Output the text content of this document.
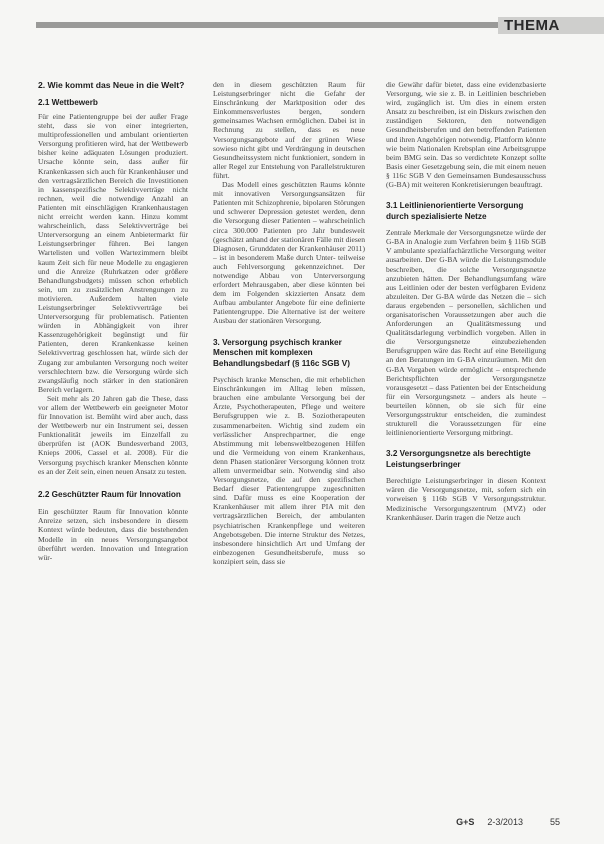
THEMA

2. Wie kommt das Neue in die Welt?

2.1 Wettbewerb

Für eine Patientengruppe bei der außer Frage steht, dass sie von einer integrierten, multiprofessionellen und ambulant orientierten Versorgung profitieren wird, hat der Wettbewerb bisher keine adäquaten Lösungen produziert. Ursache könnte sein, dass außer für Krankenkassen sich auch für Krankenhäuser und den vertragsärztlichen Bereich die Investitionen in kassenspezifische Selektivverträge nicht rechnen, weil die notwendige Anzahl an Patienten mit einschlägigen Krankenhaustagen nicht erreicht werden kann. Hinzu kommt wahrscheinlich, dass Selektivverträge bei Unterversorgung an einem Anbietermarkt für Leistungserbringer führen. Bei langen Wartelisten und vollen Wartezimmern bleibt kaum Zeit sich für neue Modelle zu engagieren und die Anreize (Ruhrkatzen oder größere Behandlungsbudgets) müssen schon erheblich sein, um zu zusätzlichen Anstrengungen zu motivieren. Außerdem halten viele Leistungserbringer Selektivverträge bei Unterversorgung für problematisch. Patienten würden in Abhängigkeit von ihrer Kassenzugehörigkeit begünstigt und für Patienten, deren Krankenkasse keinen Selektivvertrag geschlossen hat, würde sich der Zugang zur ambulanten Versorgung noch weiter verschlechtern bzw. die Versorgung würde sich zwangsläufig noch stärker in den stationären Bereich verlagern.

Seit mehr als 20 Jahren gab die These, dass vor allem der Wettbewerb ein geeigneter Motor für Innovation ist. Bemüht wird aber auch, dass der Wettbewerb nur ein Instrument sei, dessen Funktionalität jeweils im Einzelfall zu überprüfen ist (AOK Bundesverband 2003, Knieps 2006, Cassel et al. 2008). Für die Versorgung psychisch kranker Menschen könnte es an der Zeit sein, einen neuen Ansatz zu testen.

2.2 Geschützter Raum für Innovation

Ein geschützter Raum für Innovation könnte Anreize setzen, sich insbesondere in diesem Kontext würde bedeuten, dass die bestehenden Modelle in ein neues Versorgungsangebot überführt werden. Innovation und Integration wür-

den in diesem geschützten Raum für Leistungserbringer nicht die Gefahr der Einschränkung der Marktposition oder des Einkommensverlustes bergen, sondern gemeinsames Wachsen ermöglichen. Dabei ist in Rechnung zu stellen, dass es neue Versorgungsangebote auf der grünen Wiese sowieso nicht gibt und Verdrängung in deutschen Gesundheitssystem nicht funktioniert, sondern in aller Regel zur Entstehung von Parallelstrukturen führt.

Das Modell eines geschützten Raums könnte mit innovativen Versorgungsansätzen für Patienten mit Schizophrenie, bipolaren Störungen und schwerer Depression getestet werden, denn die Versorgung dieser Patienten – wahrscheinlich circa 300.000 Patienten pro Jahr bundesweit (geschätzt anhand der stationären Fälle mit diesen Diagnosen, Grunddaten der Krankenhäuser 2011) – ist in besonderem Maße durch Unter- teilweise auch Fehlversorgung gekennzeichnet. Der notwendige Abbau von Unterversorgung erfordert Mehrausgaben, aber diese könnten bei dem im Folgenden skizzierten Ansatz dem Aufbau ambulanter Angebote für eine definierte Patientengruppe. Die Alternative ist der weitere Ausbau der stationären Versorgung.

3. Versorgung psychisch kranker Menschen mit komplexen Behandlungsbedarf (§ 116c SGB V)

Psychisch kranke Menschen, die mit erheblichen Einschränkungen im Alltag leben müssen, brauchen eine ambulante Versorgung bei der Ärzte, Psychotherapeuten, Pflege und weitere Berufsgruppen wie z. B. Soziotherapeuten zusammenarbeiten. Wichtig sind zudem ein verlässlicher Ansprechpartner, die enge Abstimmung mit lebensweltbezogenen Hilfen und die Vermeidung von einem Krankenhaus, denn Phasen stationärer Versorgung können trotz allem unvermeidbar sein. Notwendig sind also Versorgungsnetze, die auf den spezifischen Bedarf dieser Patientengruppe zugeschnitten sind. Dafür muss es eine Kooperation der Krankenhäuser mit allem ihrer PIA mit den vertragsärztlichen Bereich, der ambulanten psychiatrischen Krankenpflege und weiteren Angebotsgeben. Die interne Struktur des Netzes, insbesondere hinsichtlich Art und Umfang der einbezogenen Gesundheitsberufe, muss so konzipiert sein, dass sie

die Gewähr dafür bietet, dass eine evidenzbasierte Versorgung, wie sie z. B. in Leitlinien beschrieben wird, zugänglich ist. Um dies in einem ersten Ansatz zu beschreiben, ist ein Diskurs zwischen den zuständigen Sektoren, den notwendigen Gesundheitsberufen und den betreffenden Patienten und ihren Angehörigen notwendig. Plattform könnte wie beim Nationalen Krebsplan eine Arbeitsgruppe beim BMG sein. Das so verdichtete Konzept sollte Basis einer Gesetzgebung sein, die mit einem neuen § 116c SGB V den Gemeinsamen Bundesausschuss (G-BA) mit weiteren Konkretisierungen beauftragt.

3.1 Leitlinienorientierte Versorgung durch spezialisierte Netze

Zentrale Merkmale der Versorgungsnetze würde der G-BA in Analogie zum Verfahren beim § 116b SGB V ambulante spezialfachärztliche Versorgung weiter ausarbeiten. Der G-BA würde die Leistungsmodule beschreiben, die solche Versorgungsnetze anzubieten hätten. Der Behandlungsumfang wäre aus Leitlinien oder der besten verfügbaren Evidenz abzuleiten. Der G-BA würde das Netzen die – sich daraus ergebenden – personellen, sächlichen und organisatorischen Voraussetzungen aber auch die Anforderungen an Qualitätsmessung und Qualitätsdarlegung verbindlich vorgeben. Allen in die Versorgungsnetze einzubeziehenden Berufsgruppen wäre das Recht auf eine Beteiligung an den Beratungen im G-BA einzuräumen. Mit den G-BA Vorgaben würde ermöglicht – entsprechende Berichtspflichten der Versorgungsnetze vorausgesetzt – dass Patienten bei der Entscheidung für ein Versorgungsnetz – anders als heute – beurteilen können, ob sie sich für eine Versorgungsstruktur entscheiden, die zumindest strukturell die Voraussetzungen für eine leitlinienorientierte Versorgung mitbringt.

3.2 Versorgungsnetze als berechtigte Leistungserbringer

Berechtigte Leistungserbringer in diesen Kontext wären die Versorgungsnetze, mit, sofern sich ein vorweisen § 116b SGB V Versorgungsstruktur. Medizinische Versorgungszentrum (MVZ) oder Krankenhäuser. Darin tragen die Netze auch

G+S 2-3/2013	55
